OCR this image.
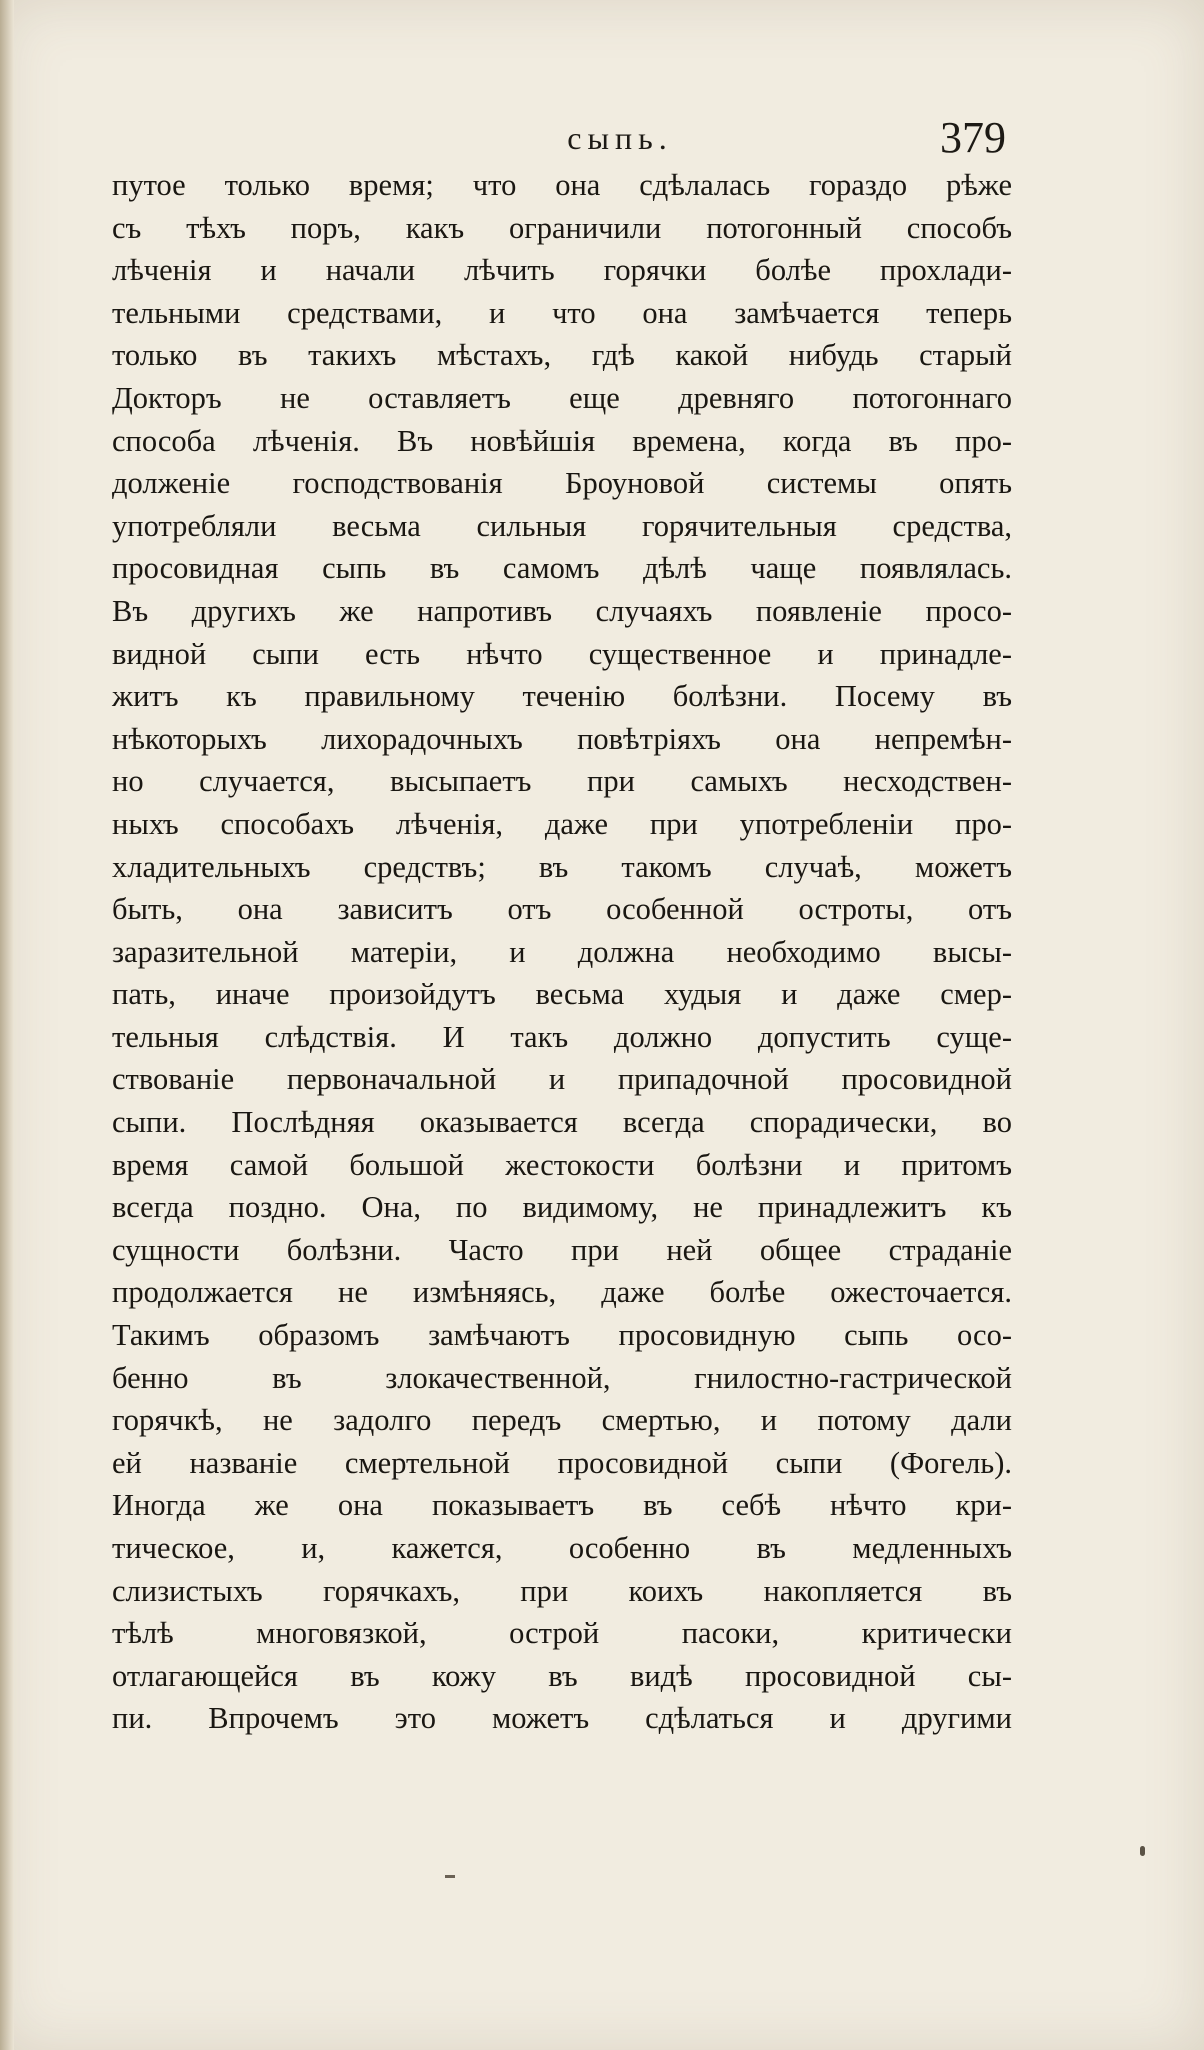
сыпь.	379
путое только время; что она сдѣлалась гораздо рѣже
съ тѣхъ поръ, какъ ограничили потогонный способъ
лѣченія и начали лѣчить горячки болѣе прохлади-
тельными средствами, и что она замѣчается теперь
только въ такихъ мѣстахъ, гдѣ какой нибудь старый
Докторъ не оставляетъ еще древняго потогоннаго
способа лѣченія. Въ новѣйшія времена, когда въ про-
долженіе господствованія Броуновой системы опять
употребляли весьма сильныя горячительныя средства,
просовидная сыпь въ самомъ дѣлѣ чаще появлялась.
Въ другихъ же напротивъ случаяхъ появленіе просо-
видной сыпи есть нѣчто существенное и принадле-
житъ къ правильному теченію болѣзни. Посему въ
нѣкоторыхъ лихорадочныхъ повѣтріяхъ она непремѣн-
но случается, высыпаетъ при самыхъ несходствен-
ныхъ способахъ лѣченія, даже при употребленіи про-
хладительныхъ средствъ; въ такомъ случаѣ, можетъ
быть, она зависитъ отъ особенной остроты, отъ
заразительной матеріи, и должна необходимо высы-
пать, иначе произойдутъ весьма худыя и даже смер-
тельныя слѣдствія. И такъ должно допустить суще-
ствованіе первоначальной и припадочной просовидной
сыпи. Послѣдняя оказывается всегда спорадически, во
время самой большой жестокости болѣзни и притомъ
всегда поздно. Она, по видимому, не принадлежитъ къ
сущности болѣзни. Часто при ней общее страданіе
продолжается не измѣняясь, даже болѣе ожесточается.
Такимъ образомъ замѣчаютъ просовидную сыпь осо-
бенно въ злокачественной, гнилостно-гастрической
горячкѣ, не задолго передъ смертью, и потому дали
ей названіе смертельной просовидной сыпи (Фогель).
Иногда же она показываетъ въ себѣ нѣчто кри-
тическое, и, кажется, особенно въ медленныхъ
слизистыхъ горячкахъ, при коихъ накопляется въ
тѣлѣ многовязкой, острой пасоки, критически
отлагающейся въ кожу въ видѣ просовидной сы-
пи. Впрочемъ это можетъ сдѣлаться и другими
